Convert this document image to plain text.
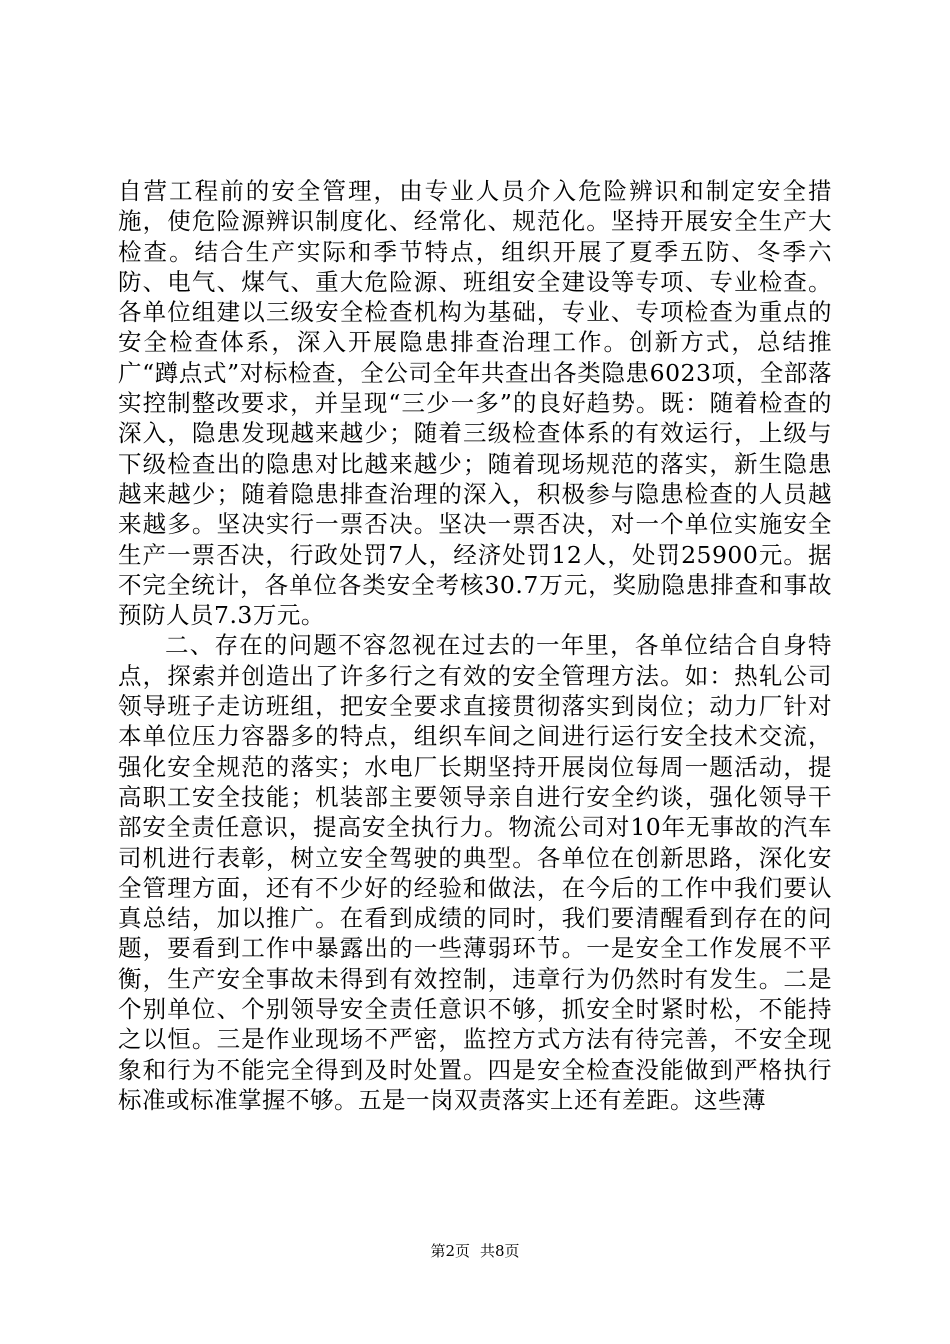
自营工程前的安全管理，由专业人员介入危险辨识和制定安全措施，使危险源辨识制度化、经常化、规范化。坚持开展安全生产大检查。结合生产实际和季节特点，组织开展了夏季五防、冬季六防、电气、煤气、重大危险源、班组安全建设等专项、专业检查。各单位组建以三级安全检查机构为基础，专业、专项检查为重点的安全检查体系，深入开展隐患排查治理工作。创新方式，总结推广“蹲点式”对标检查，全公司全年共查出各类隐患6023项，全部落实控制整改要求，并呈现“三少一多”的良好趋势。既：随着检查的深入，隐患发现越来越少；随着三级检查体系的有效运行，上级与下级检查出的隐患对比越来越少；随着现场规范的落实，新生隐患越来越少；随着隐患排查治理的深入，积极参与隐患检查的人员越来越多。坚决实行一票否决。坚决一票否决，对一个单位实施安全生产一票否决，行政处罚7人，经济处罚12人，处罚25900元。据不完全统计，各单位各类安全考核30.7万元，奖励隐患排查和事故预防人员7.3万元。

二、存在的问题不容忽视在过去的一年里，各单位结合自身特点，探索并创造出了许多行之有效的安全管理方法。如：热轧公司领导班子走访班组，把安全要求直接贯彻落实到岗位；动力厂针对本单位压力容器多的特点，组织车间之间进行运行安全技术交流，强化安全规范的落实；水电厂长期坚持开展岗位每周一题活动，提高职工安全技能；机装部主要领导亲自进行安全约谈，强化领导干部安全责任意识，提高安全执行力。物流公司对10年无事故的汽车司机进行表彰，树立安全驾驶的典型。各单位在创新思路，深化安全管理方面，还有不少好的经验和做法，在今后的工作中我们要认真总结，加以推广。在看到成绩的同时，我们要清醒看到存在的问题，要看到工作中暴露出的一些薄弱环节。一是安全工作发展不平衡，生产安全事故未得到有效控制，违章行为仍然时有发生。二是个别单位、个别领导安全责任意识不够，抓安全时紧时松，不能持之以恒。三是作业现场不严密，监控方式方法有待完善，不安全现象和行为不能完全得到及时处置。四是安全检查没能做到严格执行标准或标准掌握不够。五是一岗双责落实上还有差距。这些薄

第2页 共8页
